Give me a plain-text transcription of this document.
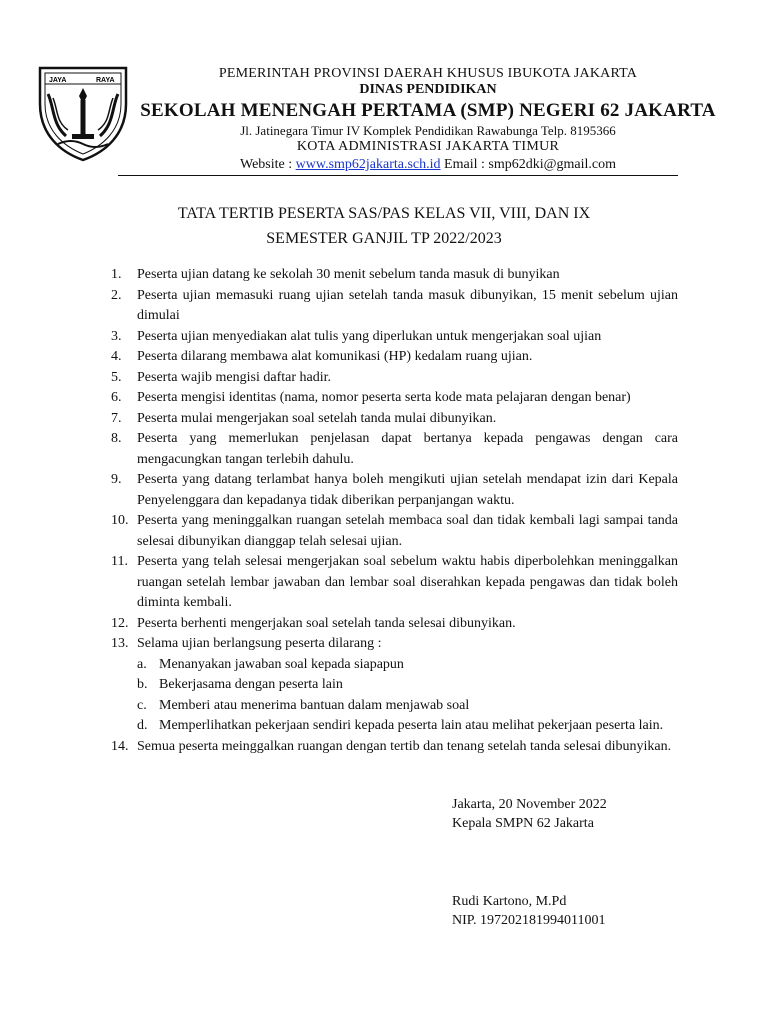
JAYA	RAYA	PEMERINTAH PROVINSI DAERAH KHUSUS IBUKOTA JAKARTA
DINAS PENDIDIKAN
SEKOLAH MENENGAH PERTAMA (SMP) NEGERI 62 JAKARTA
Jl. Jatinegara Timur IV Komplek Pendidikan Rawabunga Telp. 8195366
KOTA ADMINISTRASI JAKARTA TIMUR
Website : www.smp62jakarta.sch.id Email : smp62dki@gmail.com
TATA TERTIB PESERTA SAS/PAS KELAS VII, VIII, DAN IX
SEMESTER GANJIL TP 2022/2023
1. Peserta ujian datang ke sekolah 30 menit sebelum tanda masuk di bunyikan
2. Peserta ujian memasuki ruang ujian setelah tanda masuk dibunyikan, 15 menit sebelum ujian dimulai
3. Peserta ujian menyediakan alat tulis yang diperlukan untuk mengerjakan soal ujian
4. Peserta dilarang membawa alat komunikasi (HP) kedalam ruang ujian.
5. Peserta wajib mengisi daftar hadir.
6. Peserta mengisi identitas (nama, nomor peserta serta kode mata pelajaran dengan benar)
7. Peserta mulai mengerjakan soal setelah tanda mulai dibunyikan.
8. Peserta yang memerlukan penjelasan dapat bertanya kepada pengawas dengan cara mengacungkan tangan terlebih dahulu.
9. Peserta yang datang terlambat hanya boleh mengikuti ujian setelah mendapat izin dari Kepala Penyelenggara dan kepadanya tidak diberikan perpanjangan waktu.
10. Peserta yang meninggalkan ruangan setelah membaca soal dan tidak kembali lagi sampai tanda selesai dibunyikan dianggap telah selesai ujian.
11. Peserta yang telah selesai mengerjakan soal sebelum waktu habis diperbolehkan meninggalkan ruangan setelah lembar jawaban dan lembar soal diserahkan kepada pengawas dan tidak boleh diminta kembali.
12. Peserta berhenti mengerjakan soal setelah tanda selesai dibunyikan.
13. Selama ujian berlangsung peserta dilarang :
a. Menanyakan jawaban soal kepada siapapun
b. Bekerjasama dengan peserta lain
c. Memberi atau menerima bantuan dalam menjawab soal
d. Memperlihatkan pekerjaan sendiri kepada peserta lain atau melihat pekerjaan peserta lain.
14. Semua peserta meinggalkan ruangan dengan tertib dan tenang setelah tanda selesai dibunyikan.
Jakarta, 20 November 2022
Kepala SMPN 62 Jakarta
Rudi Kartono, M.Pd
NIP. 197202181994011001
